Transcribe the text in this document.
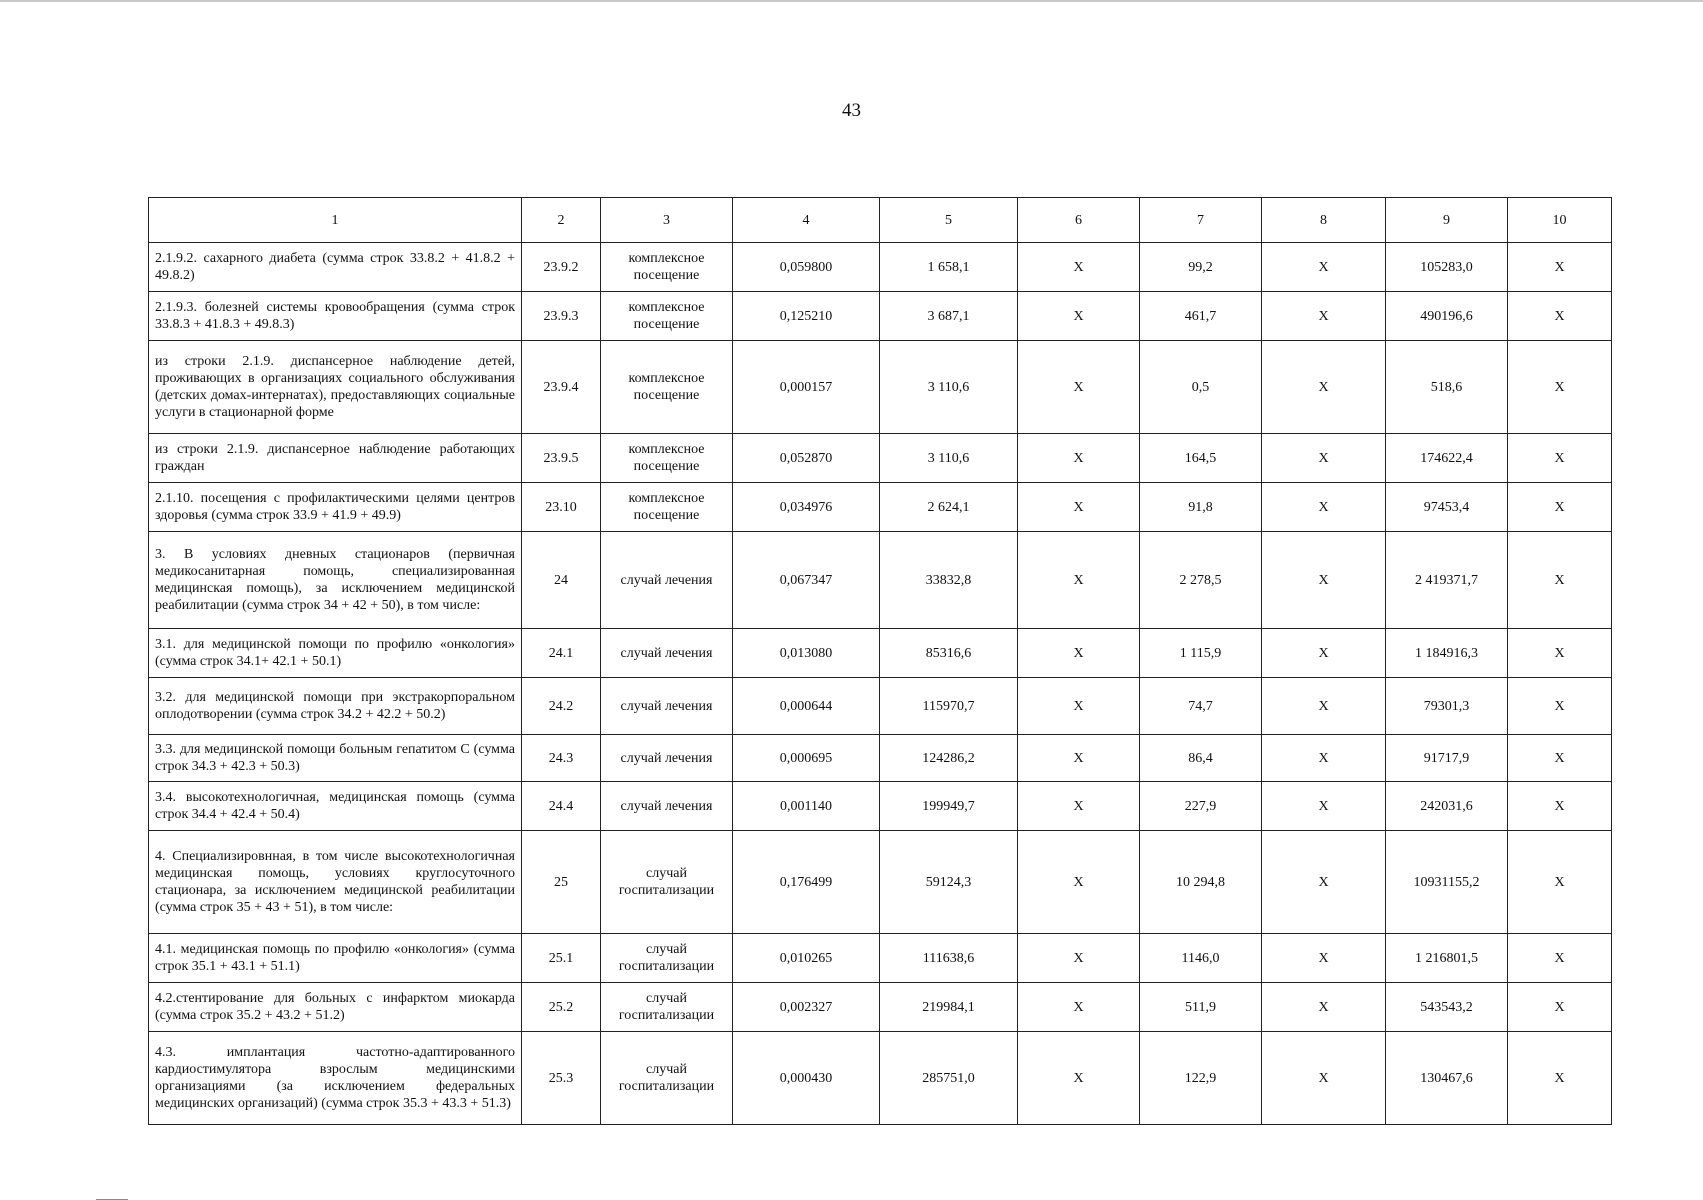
43
1	2	3	4	5	6	7	8	9	10
2.1.9.2. сахарного диабета (сумма строк 33.8.2 + 41.8.2 + 49.8.2)	23.9.2	комплексное посещение	0,059800	1 658,1	X	99,2	X	105283,0	X
2.1.9.3. болезней системы кровообращения (сумма строк 33.8.3 + 41.8.3 + 49.8.3)	23.9.3	комплексное посещение	0,125210	3 687,1	X	461,7	X	490196,6	X
из строки 2.1.9. диспансерное наблюдение детей, проживающих в организациях социального обслуживания (детских домах-интернатах), предоставляющих социальные услуги в стационарной форме	23.9.4	комплексное посещение	0,000157	3 110,6	X	0,5	X	518,6	X
из строки 2.1.9. диспансерное наблюдение работающих граждан	23.9.5	комплексное посещение	0,052870	3 110,6	X	164,5	X	174622,4	X
2.1.10. посещения с профилактическими целями центров здоровья (сумма строк 33.9 + 41.9 + 49.9)	23.10	комплексное посещение	0,034976	2 624,1	X	91,8	X	97453,4	X
3. В условиях дневных стационаров (первичная медикосанитарная помощь, специализированная медицинская помощь), за исключением медицинской реабилитации (сумма строк 34 + 42 + 50), в том числе:	24	случай лечения	0,067347	33832,8	X	2 278,5	X	2 419371,7	X
3.1. для медицинской помощи по профилю «онкология» (сумма строк 34.1+ 42.1 + 50.1)	24.1	случай лечения	0,013080	85316,6	X	1 115,9	X	1 184916,3	X
3.2. для медицинской помощи при экстракорпоральном оплодотворении (сумма строк 34.2 + 42.2 + 50.2)	24.2	случай лечения	0,000644	115970,7	X	74,7	X	79301,3	X
3.3. для медицинской помощи больным гепатитом С (сумма строк 34.3 + 42.3 + 50.3)	24.3	случай лечения	0,000695	124286,2	X	86,4	X	91717,9	X
3.4. высокотехнологичная, медицинская помощь (сумма строк 34.4 + 42.4 + 50.4)	24.4	случай лечения	0,001140	199949,7	X	227,9	X	242031,6	X
4. Специализировнная, в том числе высокотехнологичная медицинская помощь, условиях круглосуточного стационара, за исключением медицинской реабилитации (сумма строк 35 + 43 + 51), в том числе:	25	случай госпитализации	0,176499	59124,3	X	10 294,8	X	10931155,2	X
4.1. медицинская помощь по профилю «онкология» (сумма строк 35.1 + 43.1 + 51.1)	25.1	случай госпитализации	0,010265	111638,6	X	1146,0	X	1 216801,5	X
4.2.стентирование для больных с инфарктом миокарда (сумма строк 35.2 + 43.2 + 51.2)	25.2	случай госпитализации	0,002327	219984,1	X	511,9	X	543543,2	X
4.3. имплантация частотно-адаптированного кардиостимулятора взрослым медицинскими организациями (за исключением федеральных медицинских организаций) (сумма строк 35.3 + 43.3 + 51.3)	25.3	случай госпитализации	0,000430	285751,0	X	122,9	X	130467,6	X
